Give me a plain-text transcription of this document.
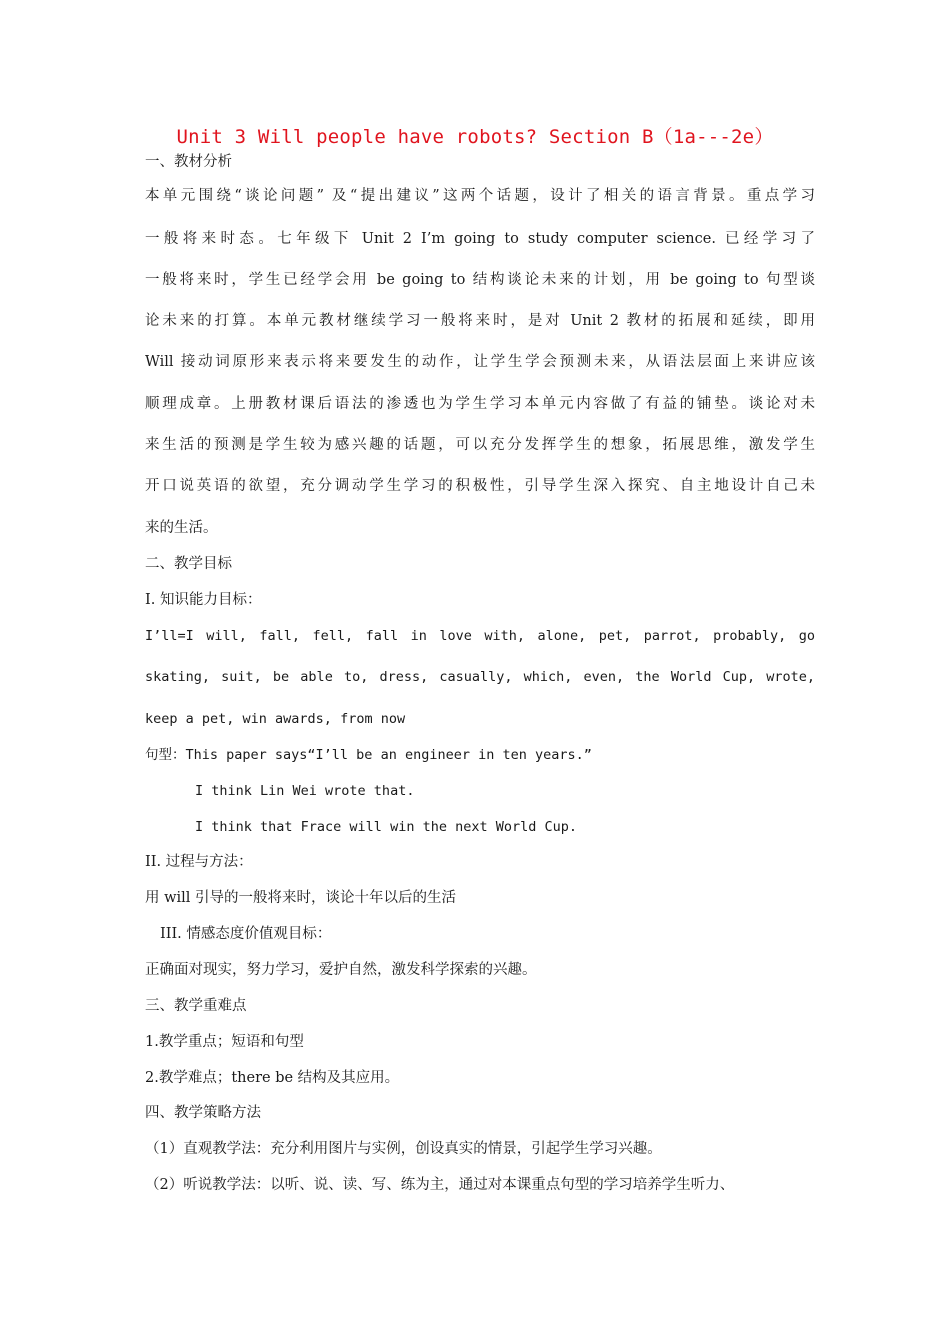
Unit 3 Will people have robots? Section B（1a---2e）
一、教材分析
本单元围绕“谈论问题” 及“提出建议”这两个话题，设计了相关的语言背景。重点学习
一般将来时态。七年级下 Unit 2 I’m going to study computer science. 已经学习了
一般将来时，学生已经学会用 be going to 结构谈论未来的计划，用 be going to 句型谈
论未来的打算。本单元教材继续学习一般将来时，是对 Unit 2 教材的拓展和延续，即用
Will 接动词原形来表示将来要发生的动作，让学生学会预测未来，从语法层面上来讲应该
顺理成章。上册教材课后语法的渗透也为学生学习本单元内容做了有益的铺垫。谈论对未
来生活的预测是学生较为感兴趣的话题，可以充分发挥学生的想象，拓展思维，激发学生
开口说英语的欲望，充分调动学生学习的积极性，引导学生深入探究、自主地设计自己未
来的生活。
二、教学目标
I. 知识能力目标：
I’ll=I will, fall, fell, fall in love with, alone, pet, parrot, probably, go
skating, suit, be able to, dress, casually, which, even, the World Cup, wrote,
keep a pet, win awards, from now
句型：This paper says“I’ll be an engineer in ten years.”
I think Lin Wei wrote that.
I think that Frace will win the next World Cup.
II. 过程与方法：
用 will 引导的一般将来时，谈论十年以后的生活
III. 情感态度价值观目标：
正确面对现实，努力学习，爱护自然，激发科学探索的兴趣。
三、教学重难点
1.教学重点；短语和句型
2.教学难点；there be 结构及其应用。
四、教学策略方法
（1）直观教学法：充分利用图片与实例，创设真实的情景，引起学生学习兴趣。
（2）听说教学法：以听、说、读、写、练为主，通过对本课重点句型的学习培养学生听力、
